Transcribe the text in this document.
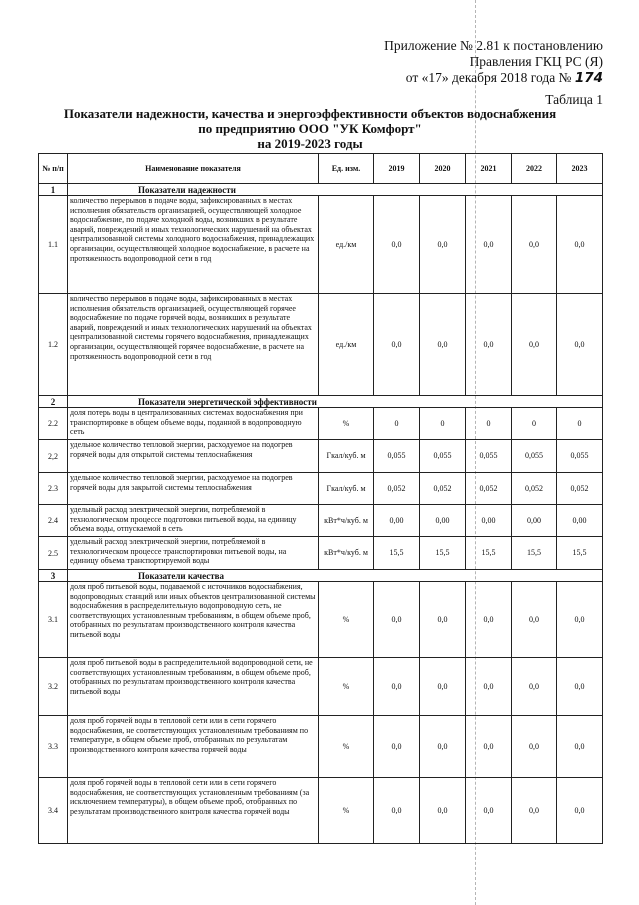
Приложение № 2.81 к постановлению
Правления ГКЦ РС (Я)
от «17» декабря 2018 года № 174
Таблица 1
Показатели надежности, качества и энергоэффективности объектов водоснабжения
по предприятию ООО "УК Комфорт"
на 2019-2023 годы
№ п/п	Наименование показателя	Ед. изм.	2019	2020	2021	2022	2023
1	Показатели надежности						
1.1	количество перерывов в подаче воды, зафиксированных в местах исполнения обязательств организацией, осуществляющей холодное водоснабжение, по подаче холодной воды, возникших в результате аварий, повреждений и иных технологических нарушений на объектах централизованной системы холодного водоснабжения, принадлежащих организации, осуществляющей холодное водоснабжение, в расчете на протяженность водопроводной сети в год	ед./км	0,0	0,0	0,0	0,0	0,0
1.2	количество перерывов в подаче воды, зафиксированных в местах исполнения обязательств организацией, осуществляющей горячее водоснабжение по подаче горячей воды, возникших в результате аварий, повреждений и иных технологических нарушений на объектах централизованной системы горячего водоснабжения, принадлежащих организации, осуществляющей горячее водоснабжение, в расчете на протяженность водопроводной сети в год	ед./км	0,0	0,0	0,0	0,0	0,0
2	Показатели энергетической эффективности						
2.2	доля потерь воды в централизованных системах водоснабжения при транспортировке в общем объеме воды, поданной в водопроводную сеть	%	0	0	0	0	0
2,2	удельное количество тепловой энергии, расходуемое на подогрев горячей воды для открытой системы теплоснабжения	Гкал/куб. м	0,055	0,055	0,055	0,055	0,055
2.3	удельное количество тепловой энергии, расходуемое на подогрев горячей воды для закрытой системы теплоснабжения	Гкал/куб. м	0,052	0,052	0,052	0,052	0,052
2.4	удельный расход электрической энергии, потребляемой в технологическом процессе подготовки питьевой воды, на единицу объема воды, отпускаемой в сеть	кВт*ч/куб. м	0,00	0,00	0,00	0,00	0,00
2.5	удельный расход электрической энергии, потребляемой в технологическом процессе транспортировки питьевой воды, на единицу объема транспортируемой воды	кВт*ч/куб. м	15,5	15,5	15,5	15,5	15,5
3	Показатели качества						
3.1	доля проб питьевой воды, подаваемой с источников водоснабжения, водопроводных станций или иных объектов централизованной системы водоснабжения в распределительную водопроводную сеть, не соответствующих установленным требованиям, в общем объеме проб, отобранных по результатам производственного контроля качества питьевой воды	%	0,0	0,0	0,0	0,0	0,0
3.2	доля проб питьевой воды в распределительной водопроводной сети, не соответствующих установленным требованиям, в общем объеме проб, отобранных по результатам производственного контроля качества питьевой воды	%	0,0	0,0	0,0	0,0	0,0
3.3	доля проб горячей воды в тепловой сети или в сети горячего водоснабжения, не соответствующих установленным требованиям по температуре, в общем объеме проб, отобранных по результатам производственного контроля качества горячей воды	%	0,0	0,0	0,0	0,0	0,0
3.4	доля проб горячей воды в тепловой сети или в сети горячего водоснабжения, не соответствующих установленным требованиям (за исключением температуры), в общем объеме проб, отобранных по результатам производственного контроля качества горячей воды	%	0,0	0,0	0,0	0,0	0,0
